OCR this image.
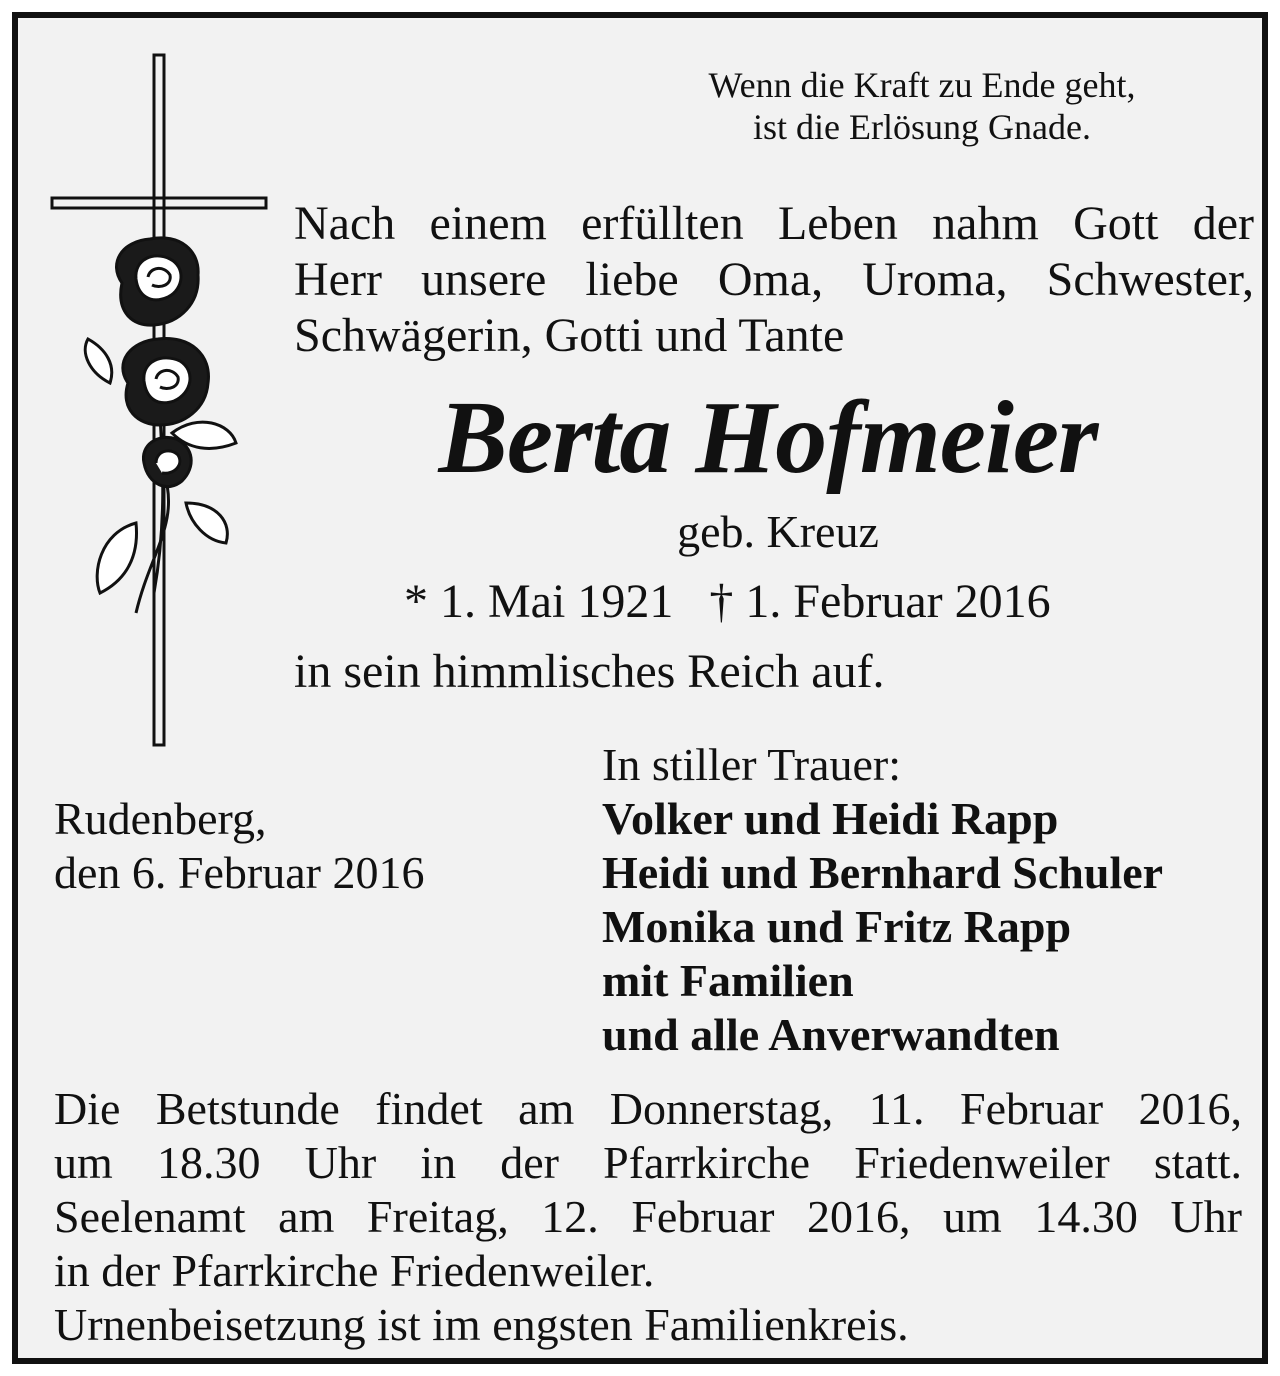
Wenn die Kraft zu Ende geht,
ist die Erlösung Gnade.
Nach einem erfüllten Leben nahm Gott der
Herr unsere liebe Oma, Uroma, Schwester,
Schwägerin, Gotti und Tante
Berta Hofmeier
geb. Kreuz
* 1. Mai 1921 † 1. Februar 2016
in sein himmlisches Reich auf.
Rudenberg,
den 6. Februar 2016
In stiller Trauer:
Volker und Heidi Rapp
Heidi und Bernhard Schuler
Monika und Fritz Rapp
mit Familien
und alle Anverwandten
Die Betstunde findet am Donnerstag, 11. Februar 2016,
um 18.30 Uhr in der Pfarrkirche Friedenweiler statt.
Seelenamt am Freitag, 12. Februar 2016, um 14.30 Uhr
in der Pfarrkirche Friedenweiler.
Urnenbeisetzung ist im engsten Familienkreis.
